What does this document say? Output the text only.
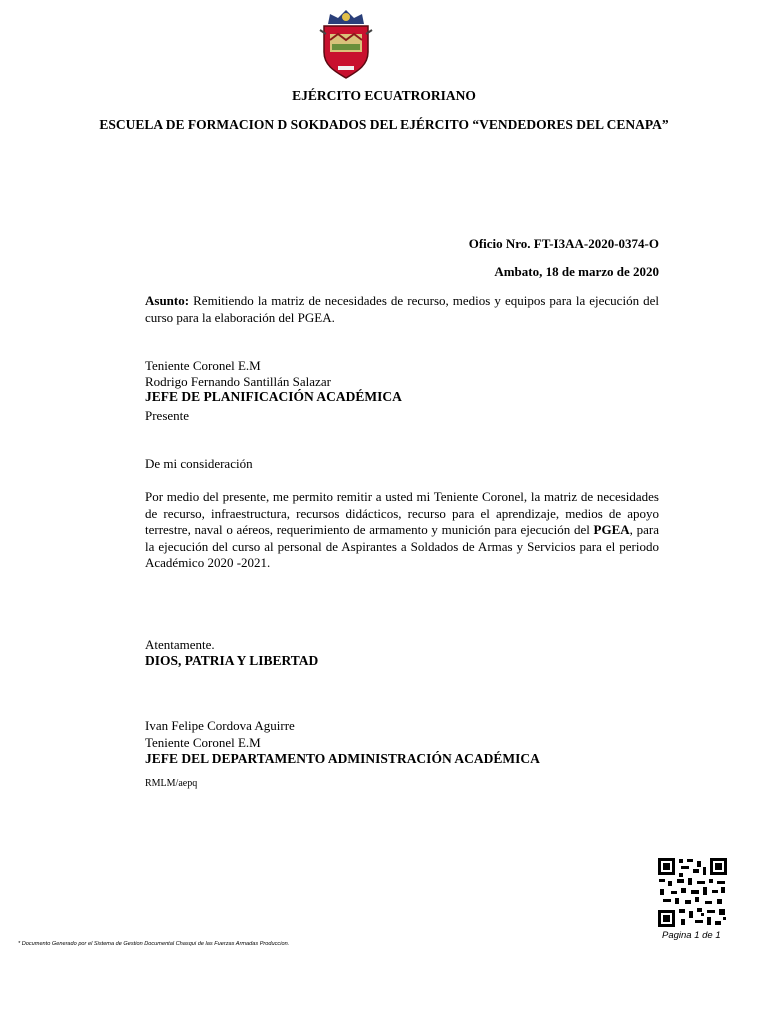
EJÉRCITO ECUATRORIANO
ESCUELA DE FORMACION D SOKDADOS DEL EJÉRCITO “VENDEDORES DEL CENAPA”
Oficio Nro. FT-I3AA-2020-0374-O
Ambato, 18 de marzo de 2020
Asunto: Remitiendo la matriz de necesidades de recurso, medios y equipos para la ejecución del curso para la elaboración del PGEA.
Teniente Coronel E.M
Rodrigo Fernando Santillán Salazar
JEFE DE PLANIFICACIÓN ACADÉMICA
Presente
De mi consideración
Por medio del presente, me permito remitir a usted mi Teniente Coronel, la matriz de necesidades de recurso, infraestructura, recursos didácticos, recurso para el aprendizaje, medios de apoyo terrestre, naval o aéreos, requerimiento de armamento y munición para ejecución del PGEA, para la ejecución del curso al personal de Aspirantes a Soldados de Armas y Servicios para el periodo Académico 2020 -2021.
Atentamente.
DIOS, PATRIA Y LIBERTAD
Ivan Felipe Cordova Aguirre
Teniente Coronel E.M
JEFE DEL DEPARTAMENTO ADMINISTRACIÓN ACADÉMICA
RMLM/aepq
Pagina 1 de 1
* Documento Generado por el Sistema de Gestion Documental Chasqui de las Fuerzas Armadas Produccion.
